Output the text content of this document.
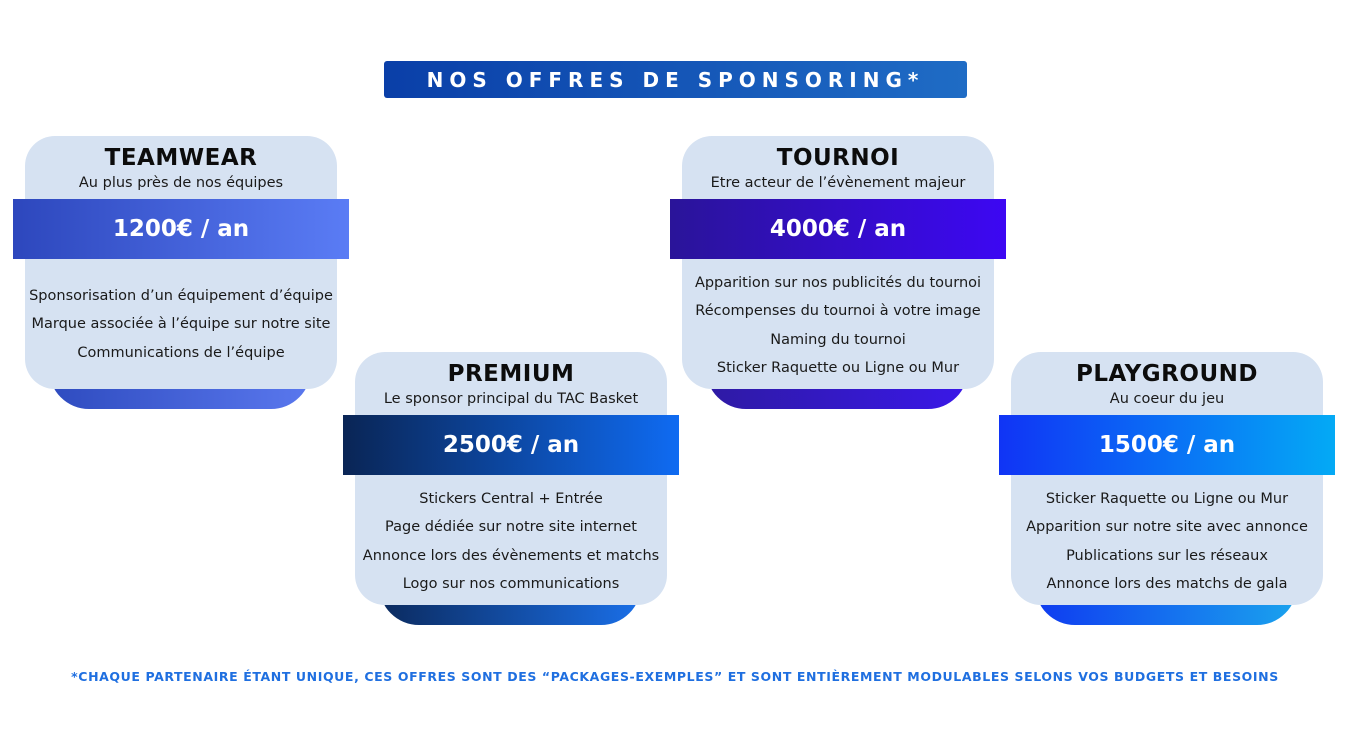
NOS OFFRES DE SPONSORING*
TEAMWEAR
Au plus près de nos équipes
1200€ / an
Sponsorisation d’un équipement d’équipe
Marque associée à l’équipe sur notre site
Communications de l’équipe
TOURNOI
Etre acteur de l’évènement majeur
4000€ / an
Apparition sur nos publicités du tournoi
Récompenses du tournoi à votre image
Naming du tournoi
Sticker Raquette ou Ligne ou Mur
PREMIUM
Le sponsor principal du TAC Basket
2500€ / an
Stickers Central + Entrée
Page dédiée sur notre site internet
Annonce lors des évènements et matchs
Logo sur nos communications
PLAYGROUND
Au coeur du jeu
1500€ / an
Sticker Raquette ou Ligne ou Mur
Apparition sur notre site avec annonce
Publications sur les réseaux
Annonce lors des matchs de gala
*CHAQUE PARTENAIRE ÉTANT UNIQUE, CES OFFRES SONT DES “PACKAGES-EXEMPLES” ET SONT ENTIÈREMENT MODULABLES SELONS VOS BUDGETS ET BESOINS
